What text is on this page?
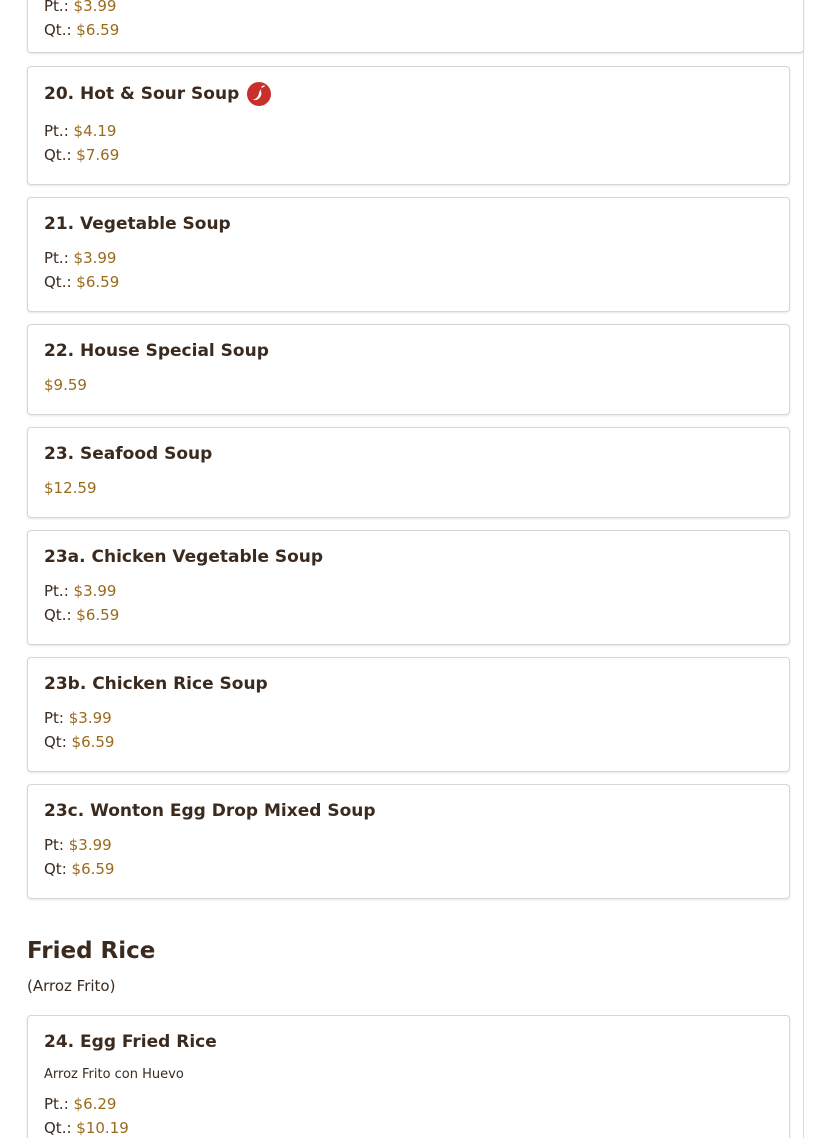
Pt.: $3.99
Qt.: $6.59
20. Hot & Sour Soup
Pt.: $4.19
Qt.: $7.69
21. Vegetable Soup
Pt.: $3.99
Qt.: $6.59
22. House Special Soup
$9.59
23. Seafood Soup
$12.59
23a. Chicken Vegetable Soup
Pt.: $3.99
Qt.: $6.59
23b. Chicken Rice Soup
Pt: $3.99
Qt: $6.59
23c. Wonton Egg Drop Mixed Soup
Pt: $3.99
Qt: $6.59
Fried Rice
(Arroz Frito)
24. Egg Fried Rice
Arroz Frito con Huevo
Pt.: $6.29
Qt.: $10.19
